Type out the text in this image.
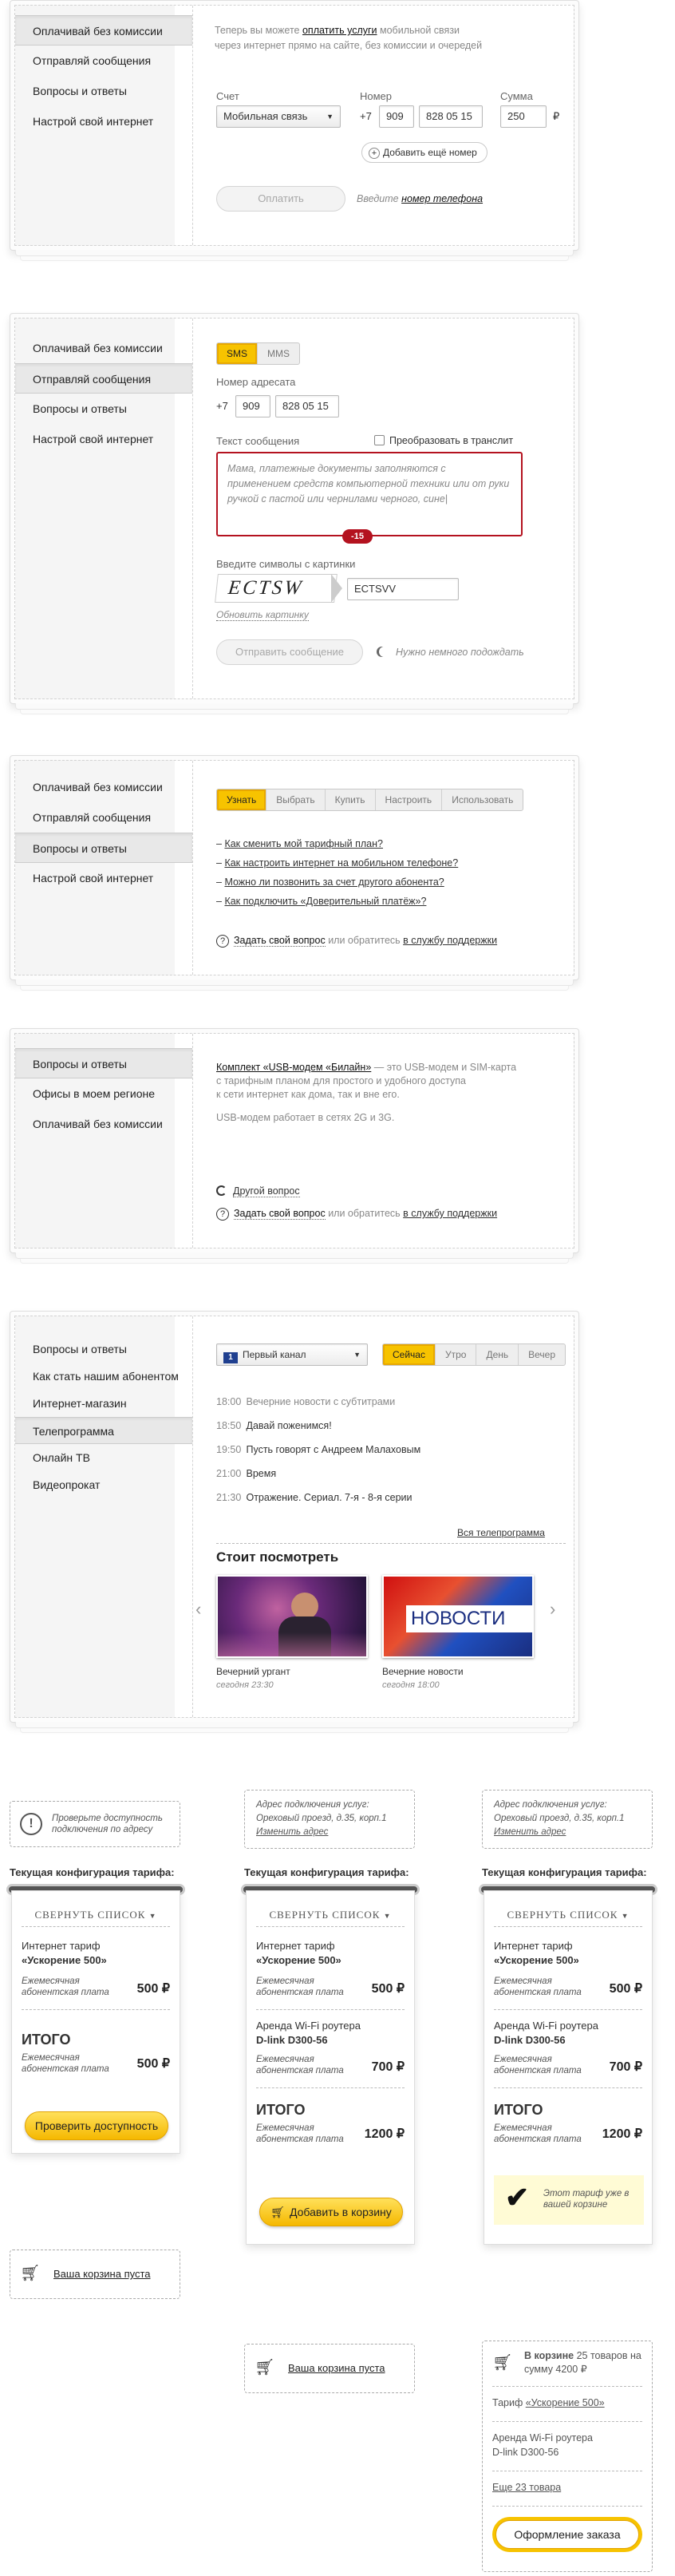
Оплачивай без комиссии
Отправляй сообщения
Вопросы и ответы
Настрой свой интернет
Теперь вы можете оплатить услуги мобильной связи
через интернет прямо на сайте, без комиссии и очередей
Счет
Мобильная связь	▼
Номер
+7	909	828 05 15
Сумма
250	₽
+ Добавить ещё номер
Оплатить	Введите номер телефона
Оплачивай без комиссии
Отправляй сообщения
Вопросы и ответы
Настрой свой интернет
SMS	MMS
Номер адресата
+7	909	828 05 15
Текст сообщения	Преобразовать в транслит
Мама, платежные документы заполняются с применением средств компьютерной техники или от руки ручкой с пастой или чернилами черного, сине|
-15
Введите символы с картинки
ECTSW	ECTSVV
Обновить картинку
Отправить сообщение	Нужно немного подождать
Оплачивай без комиссии
Отправляй сообщения
Вопросы и ответы
Настрой свой интернет
Узнать	Выбрать	Купить	Настроить	Использовать
– Как сменить мой тарифный план?
– Как настроить интернет на мобильном телефоне?
– Можно ли позвонить за счет другого абонента?
– Как подключить «Доверительный платёж»?
? Задать свой вопрос или обратитесь в службу поддержки
Вопросы и ответы
Офисы в моем регионе
Оплачивай без комиссии
Комплект «USB-модем «Билайн» — это USB-модем и SIM-карта
с тарифным планом для простого и удобного доступа
к сети интернет как дома, так и вне его.
USB-модем работает в сетях 2G и 3G.
Другой вопрос
? Задать свой вопрос или обратитесь в службу поддержки
Вопросы и ответы
Как стать нашим абонентом
Интернет-магазин
Телепрограмма
Онлайн ТВ
Видеопрокат
1 Первый канал	▼	Сейчас	Утро	День	Вечер
18:00 Вечерние новости с субтитрами
18:50 Давай поженимся!
19:50 Пусть говорят с Андреем Малаховым
21:00 Время
21:30 Отражение. Сериал. 7-я - 8-я серии
Вся телепрограмма
Стоит посмотреть
‹	›
НОВОСТИ
Вечерний ургант
сегодня 23:30
Вечерние новости
сегодня 18:00
!	Проверьте доступность подключения по адресу
Текущая конфигурация тарифа:
СВЕРНУТЬ СПИСОК ▼
Интернет тариф
«Ускорение 500»
Ежемесячная абонентская плата 500 ₽
ИТОГО
Ежемесячная абонентская плата	500 ₽
Проверить доступность
🛒︎ Ваша корзина пуста
Адрес подключения услуг:
Ореховый проезд, д.35, корп.1
Изменить адрес
Текущая конфигурация тарифа:
СВЕРНУТЬ СПИСОК ▼
Интернет тариф
«Ускорение 500»
Ежемесячная абонентская плата 500 ₽
Аренда Wi-Fi роутера
D-link D300-56
Ежемесячная абонентская плата 700 ₽
ИТОГО
Ежемесячная абонентская плата	1200 ₽
🛒︎ Добавить в корзину
🛒︎ Ваша корзина пуста
Адрес подключения услуг:
Ореховый проезд, д.35, корп.1
Изменить адрес
Текущая конфигурация тарифа:
СВЕРНУТЬ СПИСОК ▼
Интернет тариф
«Ускорение 500»
Ежемесячная абонентская плата 500 ₽
Аренда Wi-Fi роутера
D-link D300-56
Ежемесячная абонентская плата 700 ₽
ИТОГО
Ежемесячная абонентская плата	1200 ₽
✔ Этот тариф уже в вашей корзине
🛒︎ В корзине 25 товаров на сумму 4200 ₽
Тариф «Ускорение 500»
Аренда Wi-Fi роутера
D-link D300-56
Еще 23 товара
Оформление заказа
